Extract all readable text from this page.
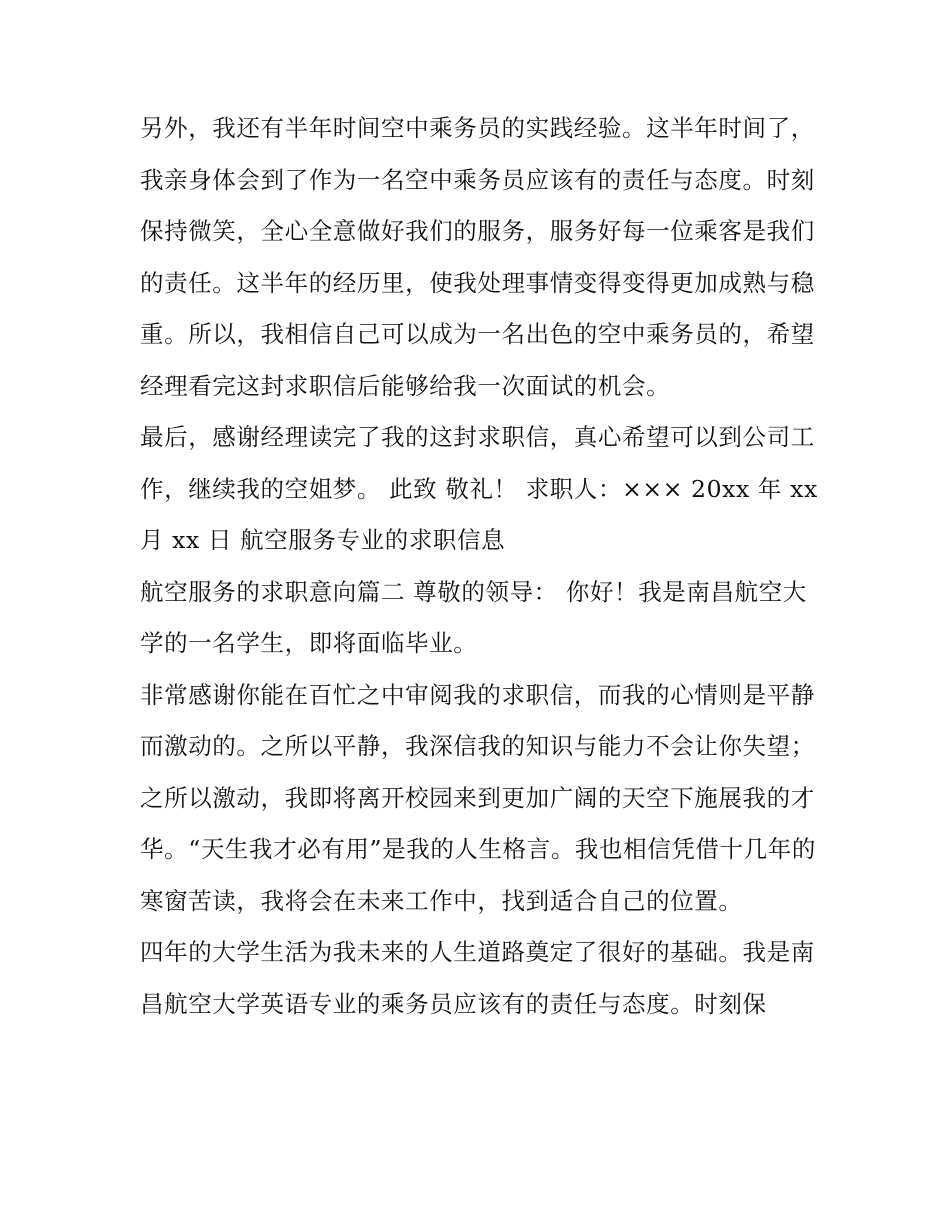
另外，我还有半年时间空中乘务员的实践经验。这半年时间了，我亲身体会到了作为一名空中乘务员应该有的责任与态度。时刻保持微笑，全心全意做好我们的服务，服务好每一位乘客是我们的责任。这半年的经历里，使我处理事情变得变得更加成熟与稳重。所以，我相信自己可以成为一名出色的空中乘务员的，希望经理看完这封求职信后能够给我一次面试的机会。

最后，感谢经理读完了我的这封求职信，真心希望可以到公司工作，继续我的空姐梦。 此致 敬礼！ 求职人：××× 20xx 年 xx 月 xx 日 航空服务专业的求职信息

航空服务的求职意向篇二 尊敬的领导： 你好！我是南昌航空大学的一名学生，即将面临毕业。

非常感谢你能在百忙之中审阅我的求职信，而我的心情则是平静而激动的。之所以平静，我深信我的知识与能力不会让你失望；之所以激动，我即将离开校园来到更加广阔的天空下施展我的才华。“天生我才必有用”是我的人生格言。我也相信凭借十几年的寒窗苦读，我将会在未来工作中，找到适合自己的位置。

四年的大学生活为我未来的人生道路奠定了很好的基础。我是南昌航空大学英语专业的乘务员应该有的责任与态度。时刻保
